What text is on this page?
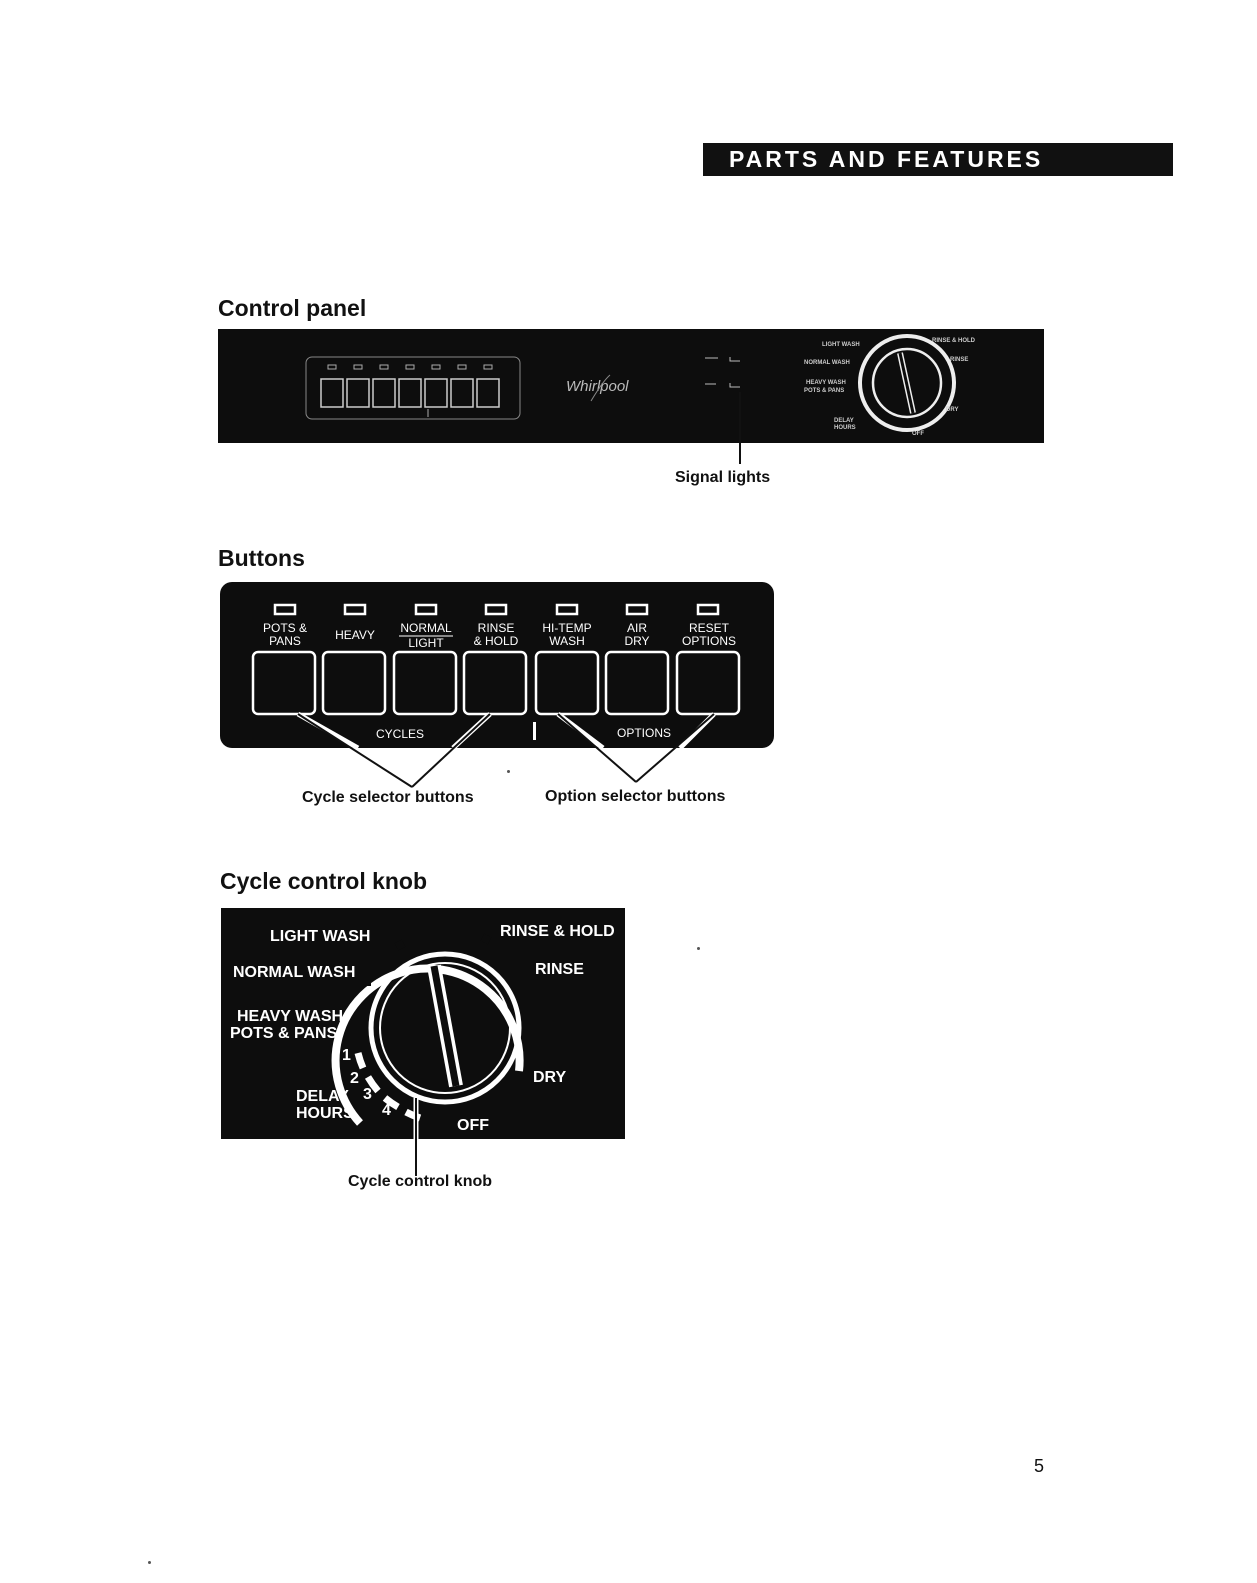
PARTS AND FEATURES
Control panel
Whirlpool
LIGHT WASH
NORMAL WASH
HEAVY WASH
POTS & PANS
RINSE & HOLD
RINSE
DRY
OFF
DELAY
HOURS
Signal lights
Buttons
POTS &
PANS	HEAVY NORMAL
LIGHT
RINSE
& HOLD
HI-TEMP
WASH
AIR
DRY
RESET
OPTIONS
CYCLES	OPTIONS
Cycle selector buttons	Option selector buttons
Cycle control knob
LIGHT WASH
NORMAL WASH
HEAVY WASH
POTS & PANS
RINSE & HOLD
RINSE
DRY
OFF
DELAY
HOURS
1
2
3
4
Cycle control knob
5
